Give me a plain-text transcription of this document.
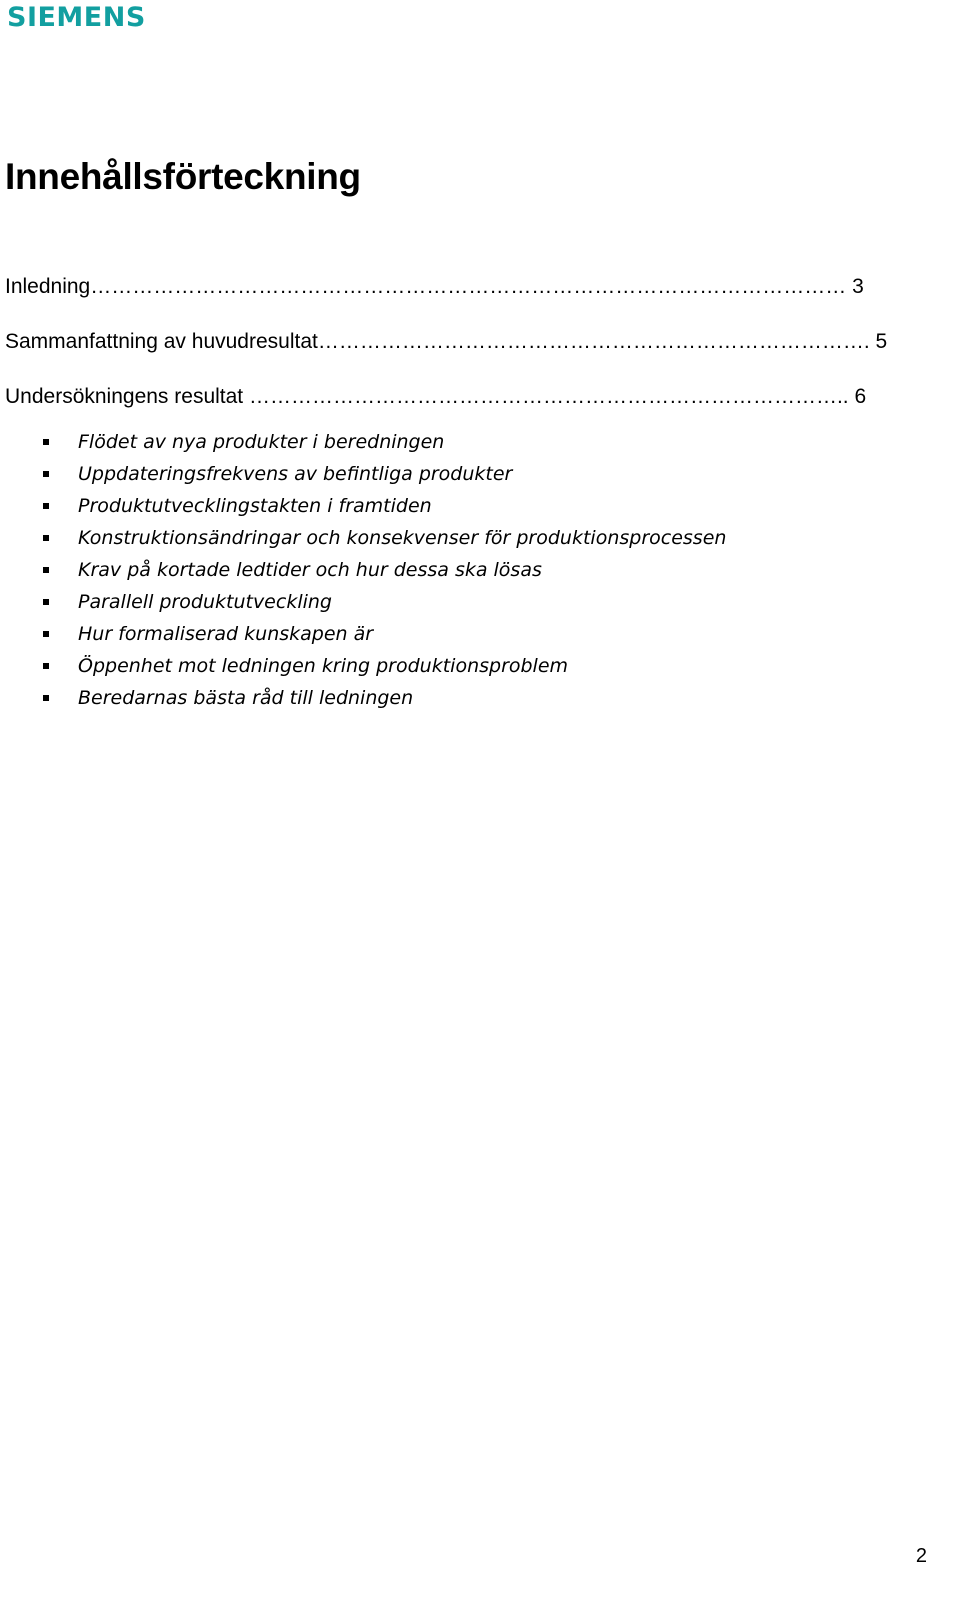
SIEMENS
Innehållsförteckning
Inledning……………………………………………………………………………………………… 3
Sammanfattning av huvudresultat……………………………………………………………………. 5
Undersökningens resultat ………………………………………………………………………….. 6
Flödet av nya produkter i beredningen
Uppdateringsfrekvens av befintliga produkter
Produktutvecklingstakten i framtiden
Konstruktionsändringar och konsekvenser för produktionsprocessen
Krav på kortade ledtider och hur dessa ska lösas
Parallell produktutveckling
Hur formaliserad kunskapen är
Öppenhet mot ledningen kring produktionsproblem
Beredarnas bästa råd till ledningen
2
